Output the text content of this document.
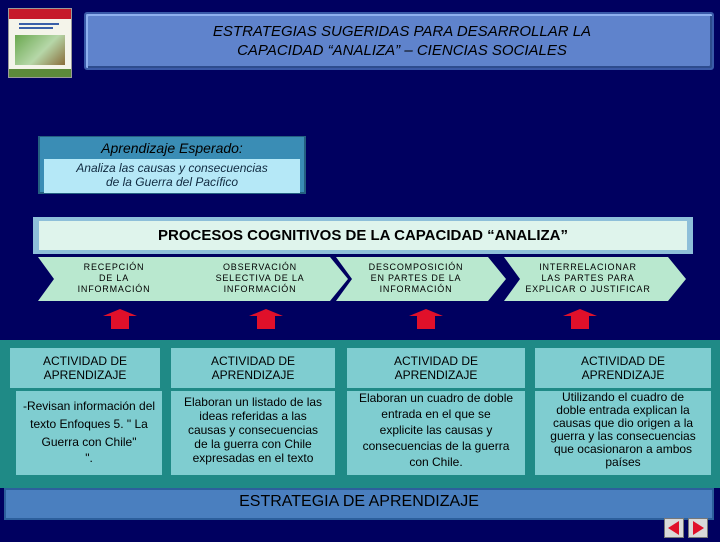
ESTRATEGIAS SUGERIDAS PARA DESARROLLAR LA
CAPACIDAD “ANALIZA” – CIENCIAS SOCIALES
Aprendizaje Esperado:
Analiza las causas y consecuencias
de la Guerra del Pacífico
PROCESOS COGNITIVOS DE LA CAPACIDAD “ANALIZA”
RECEPCIÓN
DE LA
INFORMACIÓN
OBSERVACIÓN
SELECTIVA DE LA
INFORMACIÓN
DESCOMPOSICIÓN
EN PARTES DE LA
INFORMACIÓN
INTERRELACIONAR
LAS PARTES PARA
EXPLICAR O JUSTIFICAR
ACTIVIDAD DE
APRENDIZAJE
ACTIVIDAD DE
APRENDIZAJE
ACTIVIDAD DE
APRENDIZAJE
ACTIVIDAD DE
APRENDIZAJE
-Revisan información del
texto Enfoques 5. " La
Guerra con Chile"
".
Elaboran un listado de las
ideas referidas a las
causas y consecuencias
de la guerra con Chile
expresadas en el texto
Elaboran un cuadro de doble
entrada en el que se
explicite las causas y
consecuencias de la guerra
con Chile.
Utilizando el cuadro de
doble entrada explican la
causas que dio origen a la
guerra y las consecuencias
que ocasionaron a ambos
países
ESTRATEGIA DE APRENDIZAJE
